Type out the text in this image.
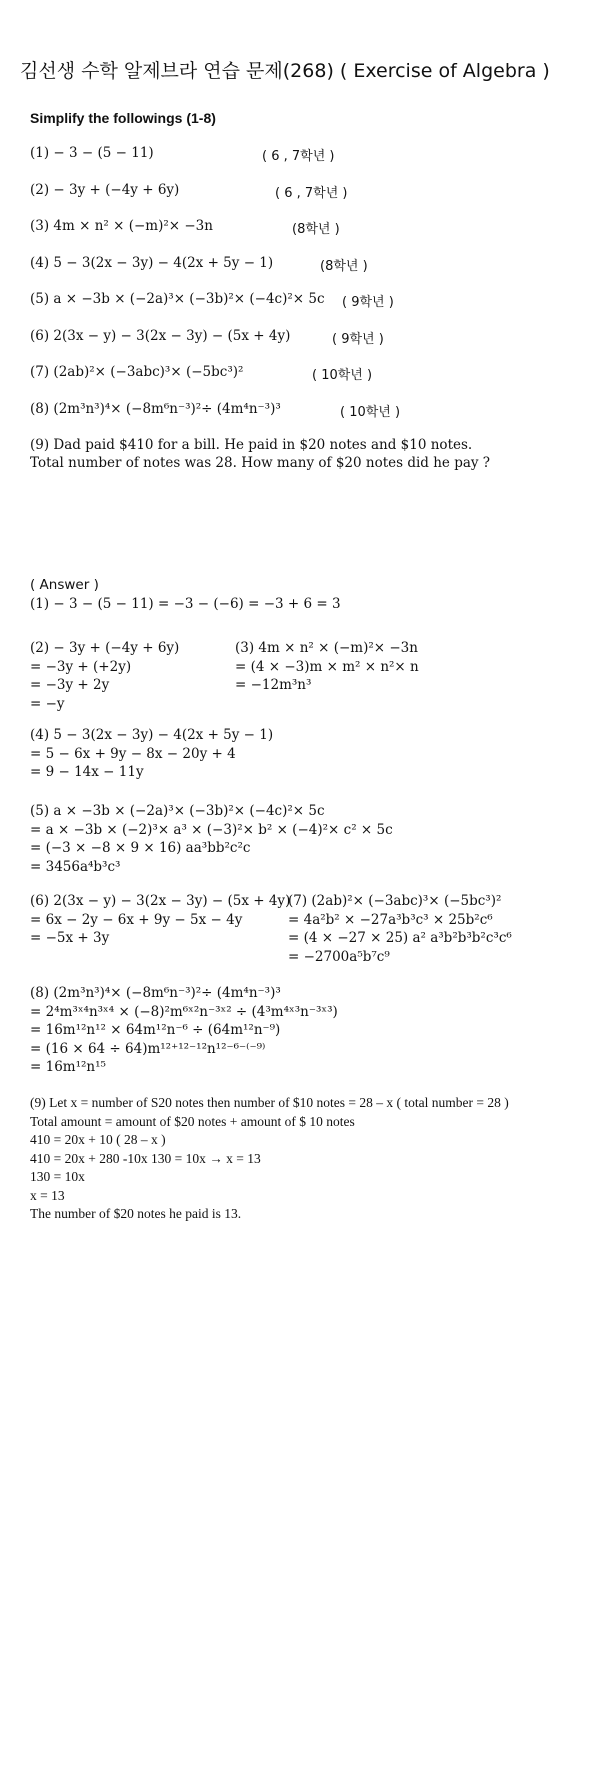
김선생 수학 알제브라 연습 문제(268) ( Exercise of Algebra )
Simplify the followings (1-8)
(1) − 3 − (5 − 11)	( 6 , 7학년 )
(2) − 3y + (−4y + 6y)	( 6 , 7학년 )
(3) 4m × n² × (−m)²× −3n	(8학년 )
(4) 5 − 3(2x − 3y) − 4(2x + 5y − 1)	(8학년 )
(5) a × −3b × (−2a)³× (−3b)²× (−4c)²× 5c ( 9학년 )
(6) 2(3x − y) − 3(2x − 3y) − (5x + 4y)	( 9학년 )
(7) (2ab)²× (−3abc)³× (−5bc³)²	( 10학년 )
(8) (2m³n³)⁴× (−8m⁶n⁻³)²÷ (4m⁴n⁻³)³	( 10학년 )
(9) Dad paid $410 for a bill. He paid in $20 notes and $10 notes.
Total number of notes was 28. How many of $20 notes did he pay ?
( Answer )
(1) − 3 − (5 − 11) = −3 − (−6) = −3 + 6 = 3
(2) − 3y + (−4y + 6y)
= −3y + (+2y)
= −3y + 2y
= −y
(3) 4m × n² × (−m)²× −3n
= (4 × −3)m × m² × n²× n
= −12m³n³
(4) 5 − 3(2x − 3y) − 4(2x + 5y − 1)
= 5 − 6x + 9y − 8x − 20y + 4
= 9 − 14x − 11y
(5) a × −3b × (−2a)³× (−3b)²× (−4c)²× 5c
= a × −3b × (−2)³× a³ × (−3)²× b² × (−4)²× c² × 5c
= (−3 × −8 × 9 × 16) aa³bb²c²c
= 3456a⁴b³c³
(6) 2(3x − y) − 3(2x − 3y) − (5x + 4y)
= 6x − 2y − 6x + 9y − 5x − 4y
= −5x + 3y
(7) (2ab)²× (−3abc)³× (−5bc³)²
= 4a²b² × −27a³b³c³ × 25b²c⁶
= (4 × −27 × 25) a² a³b²b³b²c³c⁶
= −2700a⁵b⁷c⁹
(8) (2m³n³)⁴× (−8m⁶n⁻³)²÷ (4m⁴n⁻³)³
= 2⁴m³ˣ⁴n³ˣ⁴ × (−8)²m⁶ˣ²n⁻³ˣ² ÷ (4³m⁴ˣ³n⁻³ˣ³)
= 16m¹²n¹² × 64m¹²n⁻⁶ ÷ (64m¹²n⁻⁹)
= (16 × 64 ÷ 64)m¹²⁺¹²⁻¹²n¹²⁻⁶⁻⁽⁻⁹⁾
= 16m¹²n¹⁵
(9) Let x = number of S20 notes then number of $10 notes = 28 – x ( total number = 28 )
Total amount = amount of $20 notes + amount of $ 10 notes
410 = 20x + 10 ( 28 – x )
410 = 20x + 280 -10x 130 = 10x → x = 13
130 = 10x
x = 13
The number of $20 notes he paid is 13.
